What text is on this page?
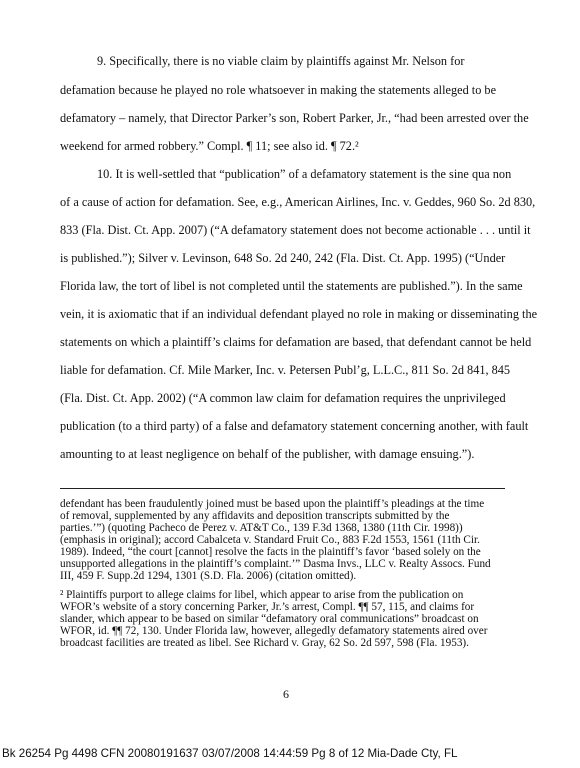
9. Specifically, there is no viable claim by plaintiffs against Mr. Nelson for
defamation because he played no role whatsoever in making the statements alleged to be
defamatory – namely, that Director Parker’s son, Robert Parker, Jr., “had been arrested over the
weekend for armed robbery.” Compl. ¶ 11; see also id. ¶ 72.²
10. It is well-settled that “publication” of a defamatory statement is the sine qua non
of a cause of action for defamation. See, e.g., American Airlines, Inc. v. Geddes, 960 So. 2d 830,
833 (Fla. Dist. Ct. App. 2007) (“A defamatory statement does not become actionable . . . until it
is published.”); Silver v. Levinson, 648 So. 2d 240, 242 (Fla. Dist. Ct. App. 1995) (“Under
Florida law, the tort of libel is not completed until the statements are published.”). In the same
vein, it is axiomatic that if an individual defendant played no role in making or disseminating the
statements on which a plaintiff’s claims for defamation are based, that defendant cannot be held
liable for defamation. Cf. Mile Marker, Inc. v. Petersen Publ’g, L.L.C., 811 So. 2d 841, 845
(Fla. Dist. Ct. App. 2002) (“A common law claim for defamation requires the unprivileged
publication (to a third party) of a false and defamatory statement concerning another, with fault
amounting to at least negligence on behalf of the publisher, with damage ensuing.”).
defendant has been fraudulently joined must be based upon the plaintiff’s pleadings at the time
of removal, supplemented by any affidavits and deposition transcripts submitted by the
parties.’”) (quoting Pacheco de Perez v. AT&T Co., 139 F.3d 1368, 1380 (11th Cir. 1998))
(emphasis in original); accord Cabalceta v. Standard Fruit Co., 883 F.2d 1553, 1561 (11th Cir.
1989). Indeed, “the court [cannot] resolve the facts in the plaintiff’s favor ‘based solely on the
unsupported allegations in the plaintiff’s complaint.’” Dasma Invs., LLC v. Realty Assocs. Fund
III, 459 F. Supp.2d 1294, 1301 (S.D. Fla. 2006) (citation omitted).
² Plaintiffs purport to allege claims for libel, which appear to arise from the publication on
WFOR’s website of a story concerning Parker, Jr.’s arrest, Compl. ¶¶ 57, 115, and claims for
slander, which appear to be based on similar “defamatory oral communications” broadcast on
WFOR, id. ¶¶ 72, 130. Under Florida law, however, allegedly defamatory statements aired over
broadcast facilities are treated as libel. See Richard v. Gray, 62 So. 2d 597, 598 (Fla. 1953).
6
Bk 26254 Pg 4498 CFN 20080191637 03/07/2008 14:44:59 Pg 8 of 12 Mia-Dade Cty, FL
